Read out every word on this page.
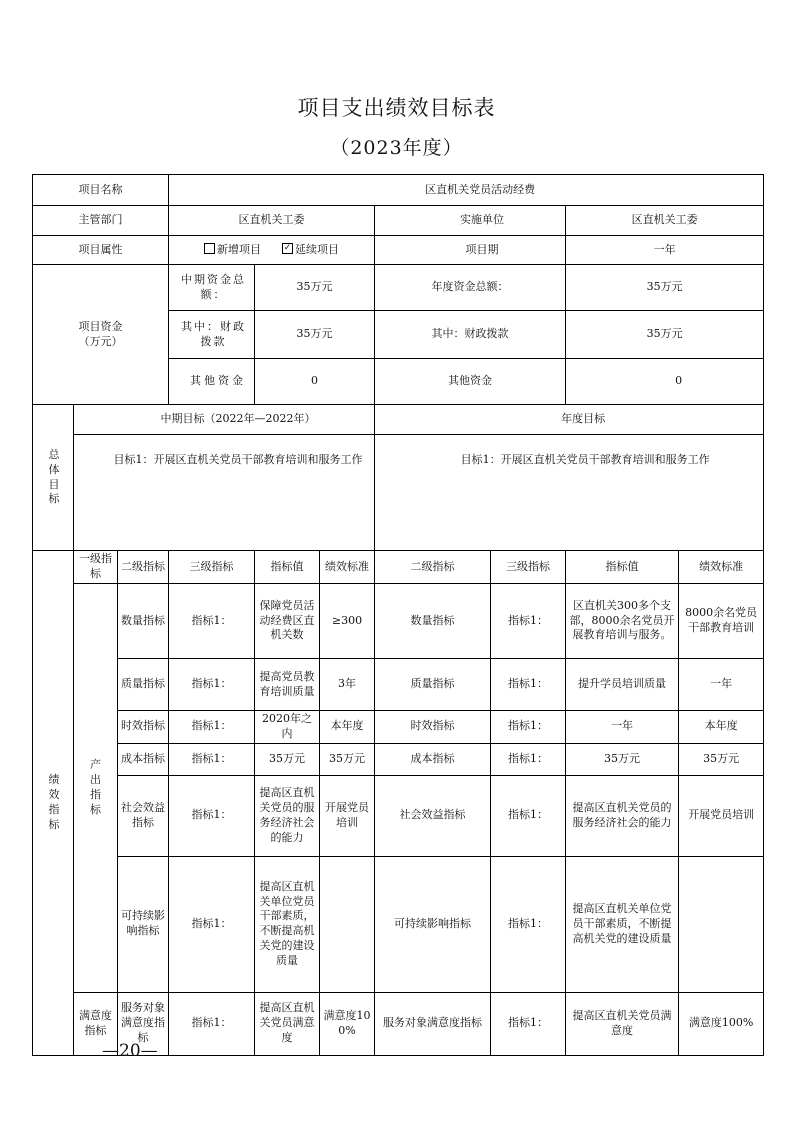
项目支出绩效目标表
（2023年度）
项目名称			区直机关党员活动经费						
主管部门			区直机关工委			实施单位		区直机关工委	
项目属性			新增项目 ✓ 延续项目			项目期		一年	

项目资金
（万元）			中期资金总额：	35万元		年度资金总额：		35万元	
			其中：财政拨款	35万元		其中：财政拨款		35万元	
			其他资金	0		其他资金		0	
总体目标	中期目标（2022年—2022年）					年度目标			
	目标1：开展区直机关党员干部教育培训和服务工作					目标1：开展区直机关党员干部教育培训和服务工作			
绩效指标	一级指标	二级指标	三级指标	指标值	绩效标准	二级指标	三级指标	指标值	绩效标准
	产出指标	数量指标	指标1：	保障党员活动经费区直机关数	≥300	数量指标	指标1：	区直机关300多个支部，8000余名党员开展教育培训与服务。	8000余名党员干部教育培训
		质量指标	指标1：	提高党员教育培训质量	3年	质量指标	指标1：	提升学员培训质量	一年
		时效指标	指标1：	2020年之内	本年度	时效指标	指标1：	一年	本年度
		成本指标	指标1：	35万元	35万元	成本指标	指标1：	35万元	35万元
		社会效益指标	指标1：	提高区直机关党员的服务经济社会的能力	开展党员培训	社会效益指标	指标1：	提高区直机关党员的服务经济社会的能力	开展党员培训
		可持续影响指标	指标1：	提高区直机关单位党员干部素质，不断提高机关党的建设质量		可持续影响指标	指标1：	提高区直机关单位党员干部素质，不断提高机关党的建设质量	
	满意度指标	服务对象满意度指标	指标1：	提高区直机关党员满意度	满意度100%	服务对象满意度指标	指标1：	提高区直机关党员满意度	满意度100%
—20—
